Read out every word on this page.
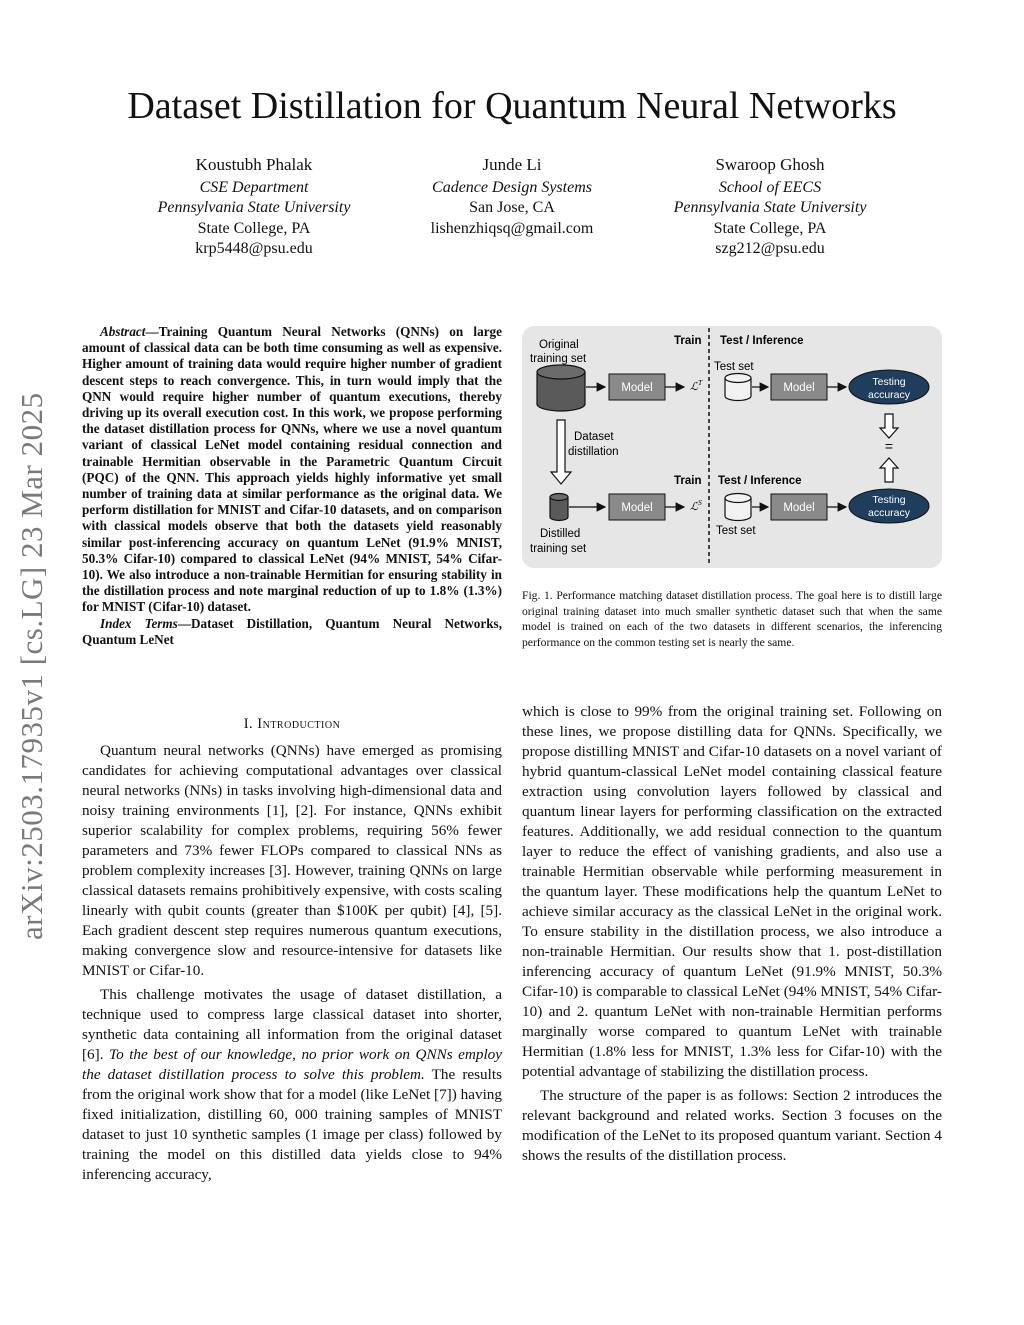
arXiv:2503.17935v1 [cs.LG] 23 Mar 2025
Dataset Distillation for Quantum Neural Networks
Koustubh Phalak
CSE Department
Pennsylvania State University
State College, PA
krp5448@psu.edu
Junde Li
Cadence Design Systems
San Jose, CA
lishenzhiqsq@gmail.com
Swaroop Ghosh
School of EECS
Pennsylvania State University
State College, PA
szg212@psu.edu

Abstract—Training Quantum Neural Networks (QNNs) on large amount of classical data can be both time consuming as well as expensive. Higher amount of training data would require higher number of gradient descent steps to reach convergence. This, in turn would imply that the QNN would require higher number of quantum executions, thereby driving up its overall execution cost. In this work, we propose performing the dataset distillation process for QNNs, where we use a novel quantum variant of classical LeNet model containing residual connection and trainable Hermitian observable in the Parametric Quantum Circuit (PQC) of the QNN. This approach yields highly informative yet small number of training data at similar performance as the original data. We perform distillation for MNIST and Cifar-10 datasets, and on comparison with classical models observe that both the datasets yield reasonably similar post-inferencing accuracy on quantum LeNet (91.9% MNIST, 50.3% Cifar-10) compared to classical LeNet (94% MNIST, 54% Cifar-10). We also introduce a non-trainable Hermitian for ensuring stability in the distillation process and note marginal reduction of up to 1.8% (1.3%) for MNIST (Cifar-10) dataset.

Index Terms—Dataset Distillation, Quantum Neural Networks, Quantum LeNet

I. Introduction

Quantum neural networks (QNNs) have emerged as promising candidates for achieving computational advantages over classical neural networks (NNs) in tasks involving high-dimensional data and noisy training environments [1], [2]. For instance, QNNs exhibit superior scalability for complex problems, requiring 56% fewer parameters and 73% fewer FLOPs compared to classical NNs as problem complexity increases [3]. However, training QNNs on large classical datasets remains prohibitively expensive, with costs scaling linearly with qubit counts (greater than $100K per qubit) [4], [5]. Each gradient descent step requires numerous quantum executions, making convergence slow and resource-intensive for datasets like MNIST or Cifar-10.

This challenge motivates the usage of dataset distillation, a technique used to compress large classical dataset into shorter, synthetic data containing all information from the original dataset [6]. To the best of our knowledge, no prior work on QNNs employ the dataset distillation process to solve this problem. The results from the original work show that for a model (like LeNet [7]) having fixed initialization, distilling 60, 000 training samples of MNIST dataset to just 10 synthetic samples (1 image per class) followed by training the model on this distilled data yields close to 94% inferencing accuracy,

which is close to 99% from the original training set. Following on these lines, we propose distilling data for QNNs. Specifically, we propose distilling MNIST and Cifar-10 datasets on a novel variant of hybrid quantum-classical LeNet model containing classical feature extraction using convolution layers followed by classical and quantum linear layers for performing classification on the extracted features. Additionally, we add residual connection to the quantum layer to reduce the effect of vanishing gradients, and also use a trainable Hermitian observable while performing measurement in the quantum layer. These modifications help the quantum LeNet to achieve similar accuracy as the classical LeNet in the original work. To ensure stability in the distillation process, we also introduce a non-trainable Hermitian. Our results show that 1. post-distillation inferencing accuracy of quantum LeNet (91.9% MNIST, 50.3% Cifar-10) is comparable to classical LeNet (94% MNIST, 54% Cifar-10) and 2. quantum LeNet with non-trainable Hermitian performs marginally worse compared to quantum LeNet with trainable Hermitian (1.8% less for MNIST, 1.3% less for Cifar-10) with the potential advantage of stabilizing the distillation process.

The structure of the paper is as follows: Section 2 introduces the relevant background and related works. Section 3 focuses on the modification of the LeNet to its proposed quantum variant. Section 4 shows the results of the distillation process.

Original
training set
Model	ℒ$^T$
Train Test / Inference
Test set
Model	Testing
accuracy
=
Dataset
distillation
Train Test / Inference
Model	ℒ$^S$
Distilled
training set
Test set
Model
Testing
accuracy
Fig. 1. Performance matching dataset distillation process. The goal here is to distill large original training dataset into much smaller synthetic dataset such that when the same model is trained on each of the two datasets in different scenarios, the inferencing performance on the common testing set is nearly the same.
